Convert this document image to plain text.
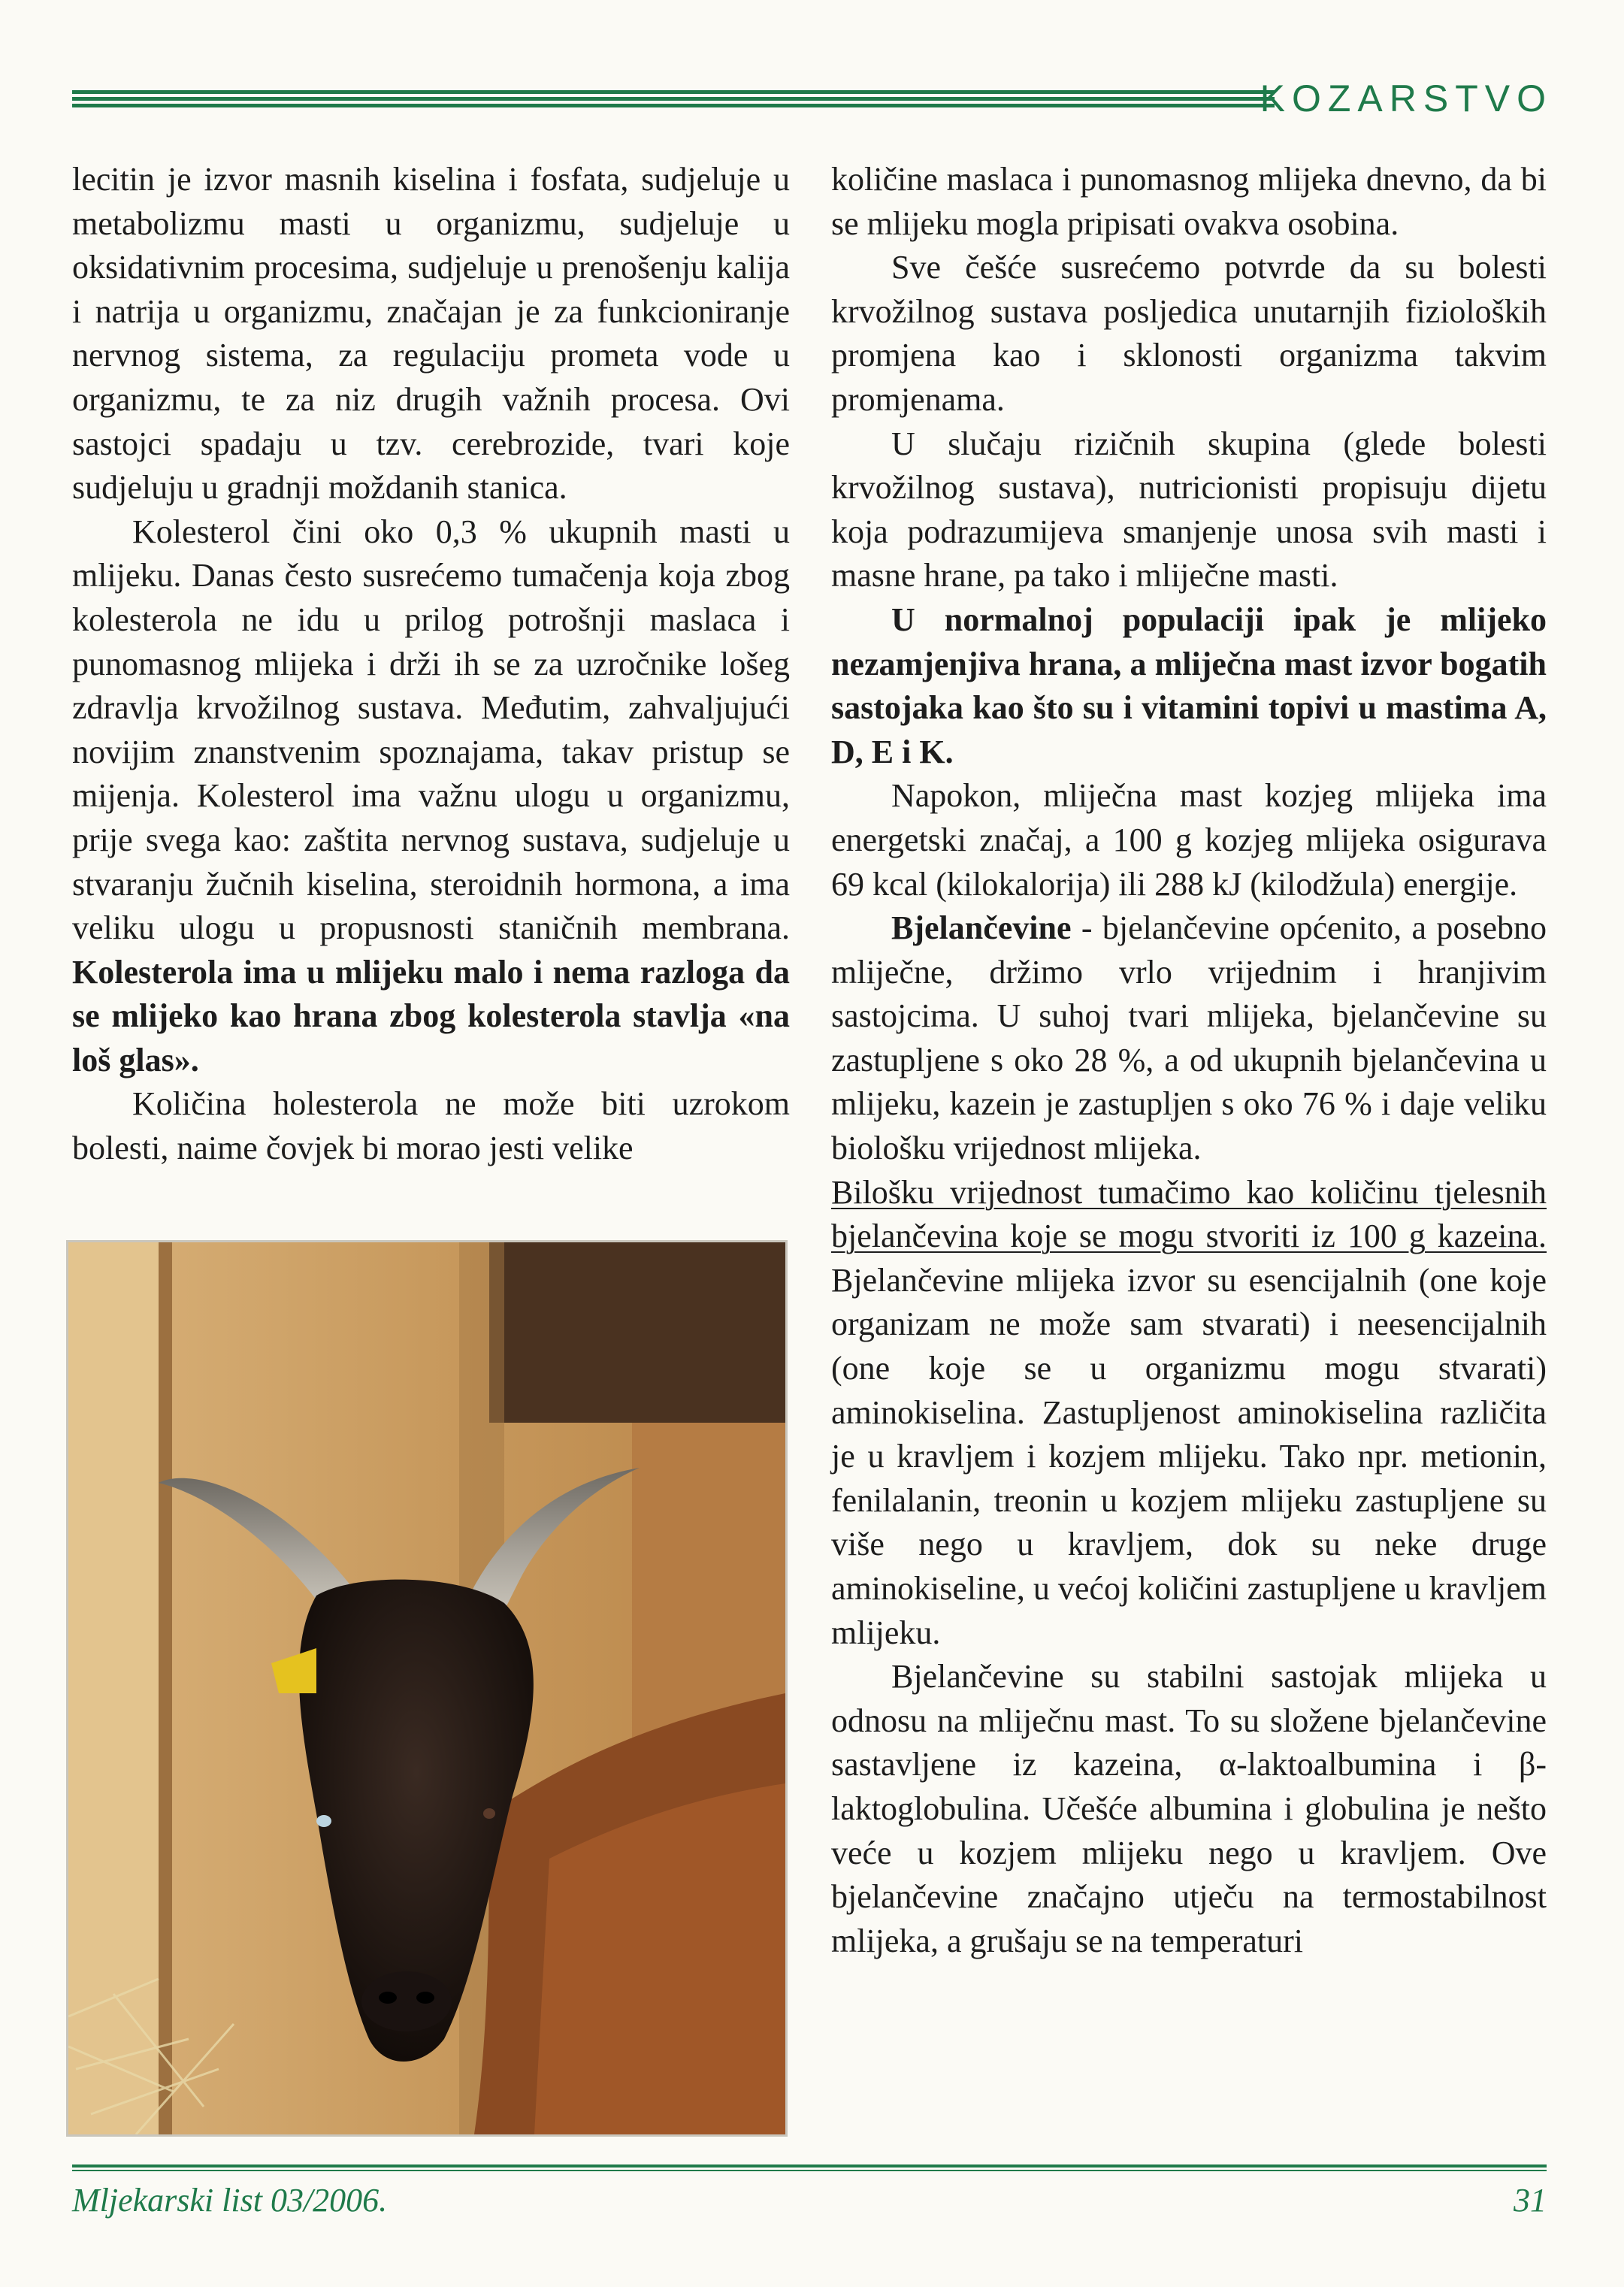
KOZARSTVO

lecitin je izvor masnih kiselina i fosfata, sudjeluje u metabolizmu masti u organizmu, sudjeluje u oksidativnim procesima, sudjeluje u prenošenju kalija i natrija u organizmu, značajan je za funkcioniranje nervnog sistema, za regulaciju prometa vode u organizmu, te za niz drugih važnih procesa. Ovi sastojci spadaju u tzv. cerebrozide, tvari koje sudjeluju u gradnji moždanih stanica.

Kolesterol čini oko 0,3 % ukupnih masti u mlijeku. Danas često susrećemo tumačenja koja zbog kolesterola ne idu u prilog potrošnji maslaca i punomasnog mlijeka i drži ih se za uzročnike lošeg zdravlja krvožilnog sustava. Međutim, zahvaljujući novijim znanstvenim spoznajama, takav pristup se mijenja. Kolesterol ima važnu ulogu u organizmu, prije svega kao: zaštita nervnog sustava, sudjeluje u stvaranju žučnih kiselina, steroidnih hormona, a ima veliku ulogu u propusnosti staničnih membrana. Kolesterola ima u mlijeku malo i nema razloga da se mlijeko kao hrana zbog kolesterola stavlja «na loš glas».

Količina holesterola ne može biti uzrokom bolesti, naime čovjek bi morao jesti velike

količine maslaca i punomasnog mlijeka dnevno, da bi se mlijeku mogla pripisati ovakva osobina.

Sve češće susrećemo potvrde da su bolesti krvožilnog sustava posljedica unutarnjih fizioloških promjena kao i sklonosti organizma takvim promjenama.

U slučaju rizičnih skupina (glede bolesti krvožilnog sustava), nutricionisti propisuju dijetu koja podrazumijeva smanjenje unosa svih masti i masne hrane, pa tako i mliječne masti.

U normalnoj populaciji ipak je mlijeko nezamjenjiva hrana, a mliječna mast izvor bogatih sastojaka kao što su i vitamini topivi u mastima A, D, E i K.

Napokon, mliječna mast kozjeg mlijeka ima energetski značaj, a 100 g kozjeg mlijeka osigurava 69 kcal (kilokalorija) ili 288 kJ (kilodžula) energije.

Bjelančevine - bjelančevine općenito, a posebno mliječne, držimo vrlo vrijednim i hranjivim sastojcima. U suhoj tvari mlijeka, bjelančevine su zastupljene s oko 28 %, a od ukupnih bjelančevina u mlijeku, kazein je zastupljen s oko 76 % i daje veliku biološku vrijednost mlijeka.

Bilošku vrijednost tumačimo kao količinu tjelesnih bjelančevina koje se mogu stvoriti iz 100 g kazeina. Bjelančevine mlijeka izvor su esencijalnih (one koje organizam ne može sam stvarati) i neesencijalnih (one koje se u organizmu mogu stvarati) aminokiselina. Zastupljenost aminokiselina različita je u kravljem i kozjem mlijeku. Tako npr. metionin, fenilalanin, treonin u kozjem mlijeku zastupljene su više nego u kravljem, dok su neke druge aminokiseline, u većoj količini zastupljene u kravljem mlijeku.

Bjelančevine su stabilni sastojak mlijeka u odnosu na mliječnu mast. To su složene bjelančevine sastavljene iz kazeina, α-laktoalbumina i β-laktoglobulina. Učešće albumina i globulina je nešto veće u kozjem mlijeku nego u kravljem. Ove bjelančevine značajno utječu na termostabilnost mlijeka, a grušaju se na temperaturi

Mljekarski list 03/2006.	31
